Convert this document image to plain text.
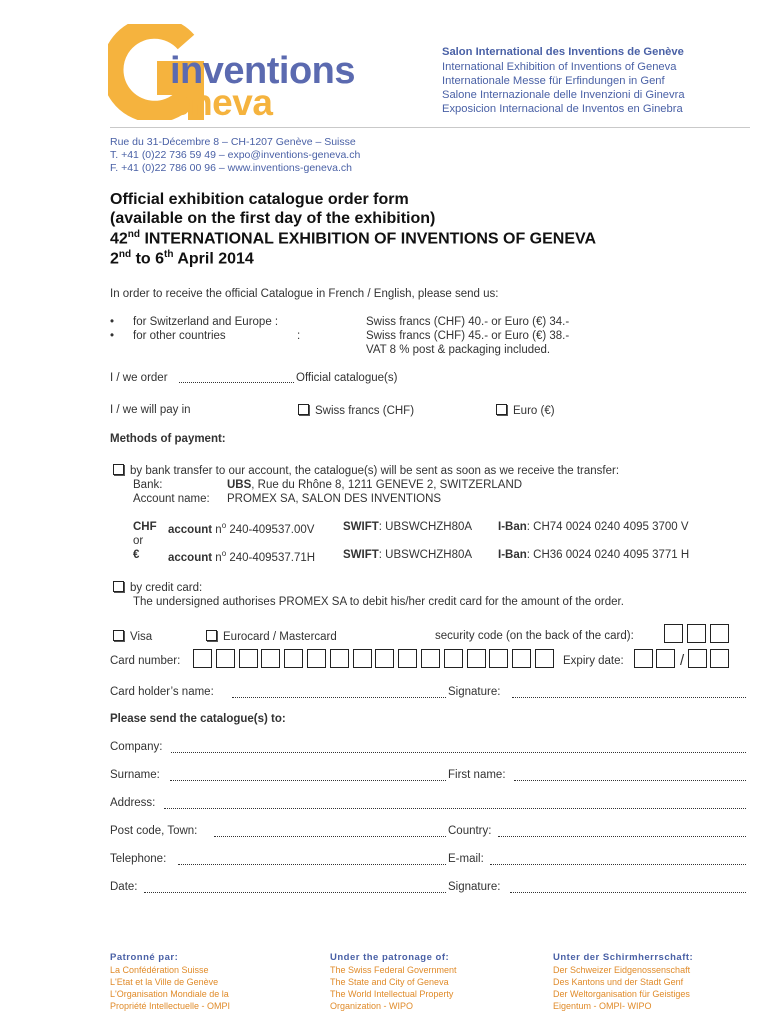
inventions
eneva
Salon International des Inventions de Genève
International Exhibition of Inventions of Geneva
Internationale Messe für Erfindungen in Genf
Salone Internazionale delle Invenzioni di Ginevra
Exposicion Internacional de Inventos en Ginebra
Rue du 31-Décembre 8 – CH-1207 Genève – Suisse
T. +41 (0)22 736 59 49 – expo@inventions-geneva.ch
F. +41 (0)22 786 00 96 – www.inventions-geneva.ch
Official exhibition catalogue order form
(available on the first day of the exhibition)
42nd INTERNATIONAL EXHIBITION OF INVENTIONS OF GENEVA
2nd to 6th April 2014
In order to receive the official Catalogue in French / English, please send us:
• for Switzerland and Europe :	Swiss francs (CHF) 40.- or Euro (€) 34.-
• for other countries	:	Swiss francs (CHF) 45.- or Euro (€) 38.-
VAT 8 % post & packaging included.
I / we order	Official catalogue(s)
I / we will pay in	Swiss francs (CHF)	Euro (€)
Methods of payment:
by bank transfer to our account, the catalogue(s) will be sent as soon as we receive the transfer:
Bank:	UBS, Rue du Rhône 8, 1211 GENEVE 2, SWITZERLAND
Account name: PROMEX SA, SALON DES INVENTIONS
CHF account $n^o$ 240-409537.00V SWIFT: UBSWCHZH80A I-Ban: CH74 0024 0240 4095 3700 V
or
€ account $n^o$ 240-409537.71H SWIFT: UBSWCHZH80A I-Ban: CH36 0024 0240 4095 3771 H
by credit card:
The undersigned authorises PROMEX SA to debit his/her credit card for the amount of the order.
Visa	Eurocard / Mastercard	security code (on the back of the card):
Card number:	Expiry date:	/
Card holder’s name:	Signature:
Please send the catalogue(s) to:
Company:
Surname:	First name:
Address:
Post code, Town:	Country:
Telephone:	E-mail:
Date:	Signature:
Patronné par:
La Confédération Suisse
L'Etat et la Ville de Genève
L'Organisation Mondiale de la
Propriété Intellectuelle - OMPI
Under the patronage of:
The Swiss Federal Government
The State and City of Geneva
The World Intellectual Property
Organization - WIPO
Unter der Schirmherrschaft:
Der Schweizer Eidgenossenschaft
Des Kantons und der Stadt Genf
Der Weltorganisation für Geistiges
Eigentum - OMPI- WIPO
